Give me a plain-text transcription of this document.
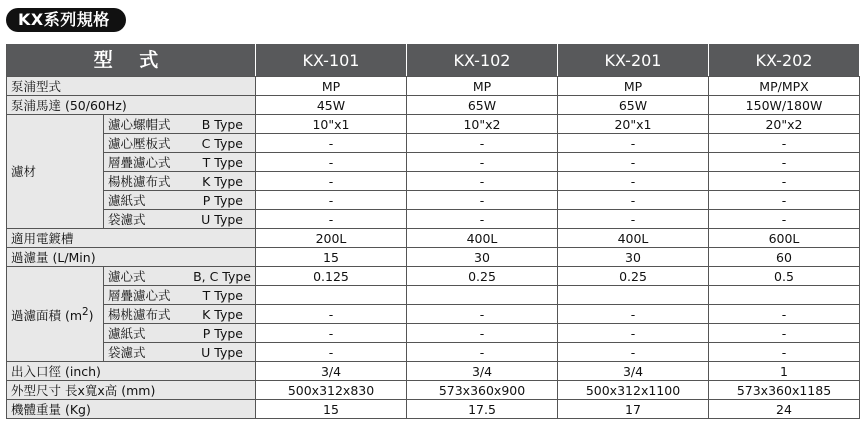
KX系列規格
型 式		KX-101	KX-102	KX-201	KX-202
泵浦型式		MP	MP	MP	MP/MPX
泵浦馬達 (50/60Hz)		45W	65W	65W	150W/180W
濾材	濾心螺帽式 B Type	10"x1	10"x2	20"x1	20"x2

	濾心壓板式 C Type	-	-	-	-

	層疊濾心式 T Type	-	-	-	-

	楊桃濾布式 K Type	-	-	-	-

	濾紙式 P Type	-	-	-	-

	袋濾式 U Type	-	-	-	-
適用電鍍槽		200L	400L	400L	600L
過濾量 (L/Min)		15	30	30	60
過濾面積 $(m^2)$	濾心式 B, C Type	0.125	0.25	0.25	0.5

	層疊濾心式 T Type				

	楊桃濾布式 K Type	-	-	-	-

	濾紙式 P Type	-	-	-	-

	袋濾式 U Type	-	-	-	-
出入口徑 (inch)		3/4	3/4	3/4	1
外型尺寸 長x寬x高 (mm)		500x312x830	573x360x900	500x312x1100	573x360x1185
機體重量 (Kg)		15	17.5	17	24
